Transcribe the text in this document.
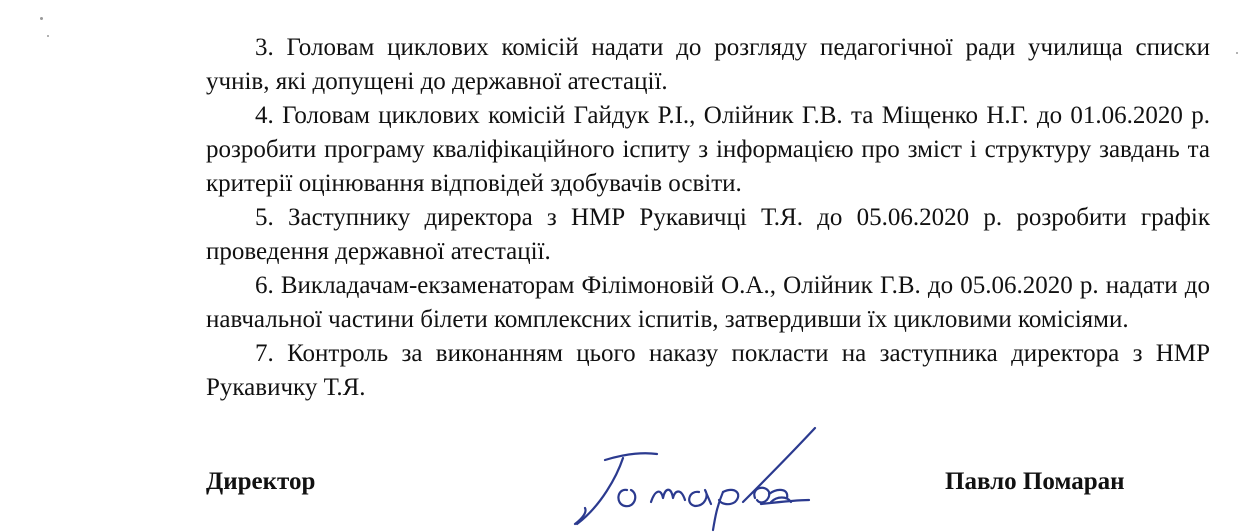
3. Головам циклових комісій надати до розгляду педагогічної ради училища списки учнів, які допущені до державної атестації.

4. Головам циклових комісій Гайдук Р.І., Олійник Г.В. та Міщенко Н.Г. до 01.06.2020 р. розробити програму кваліфікаційного іспиту з інформацією про зміст і структуру завдань та критерії оцінювання відповідей здобувачів освіти.

5. Заступнику директора з НМР Рукавичці Т.Я. до 05.06.2020 р. розробити графік проведення державної атестації.

6. Викладачам-екзаменаторам Філімоновій О.А., Олійник Г.В. до 05.06.2020 р. надати до навчальної частини білети комплексних іспитів, затвердивши їх цикловими комісіями.

7. Контроль за виконанням цього наказу покласти на заступника директора з НМР Рукавичку Т.Я.

Директор	Павло Помаран
